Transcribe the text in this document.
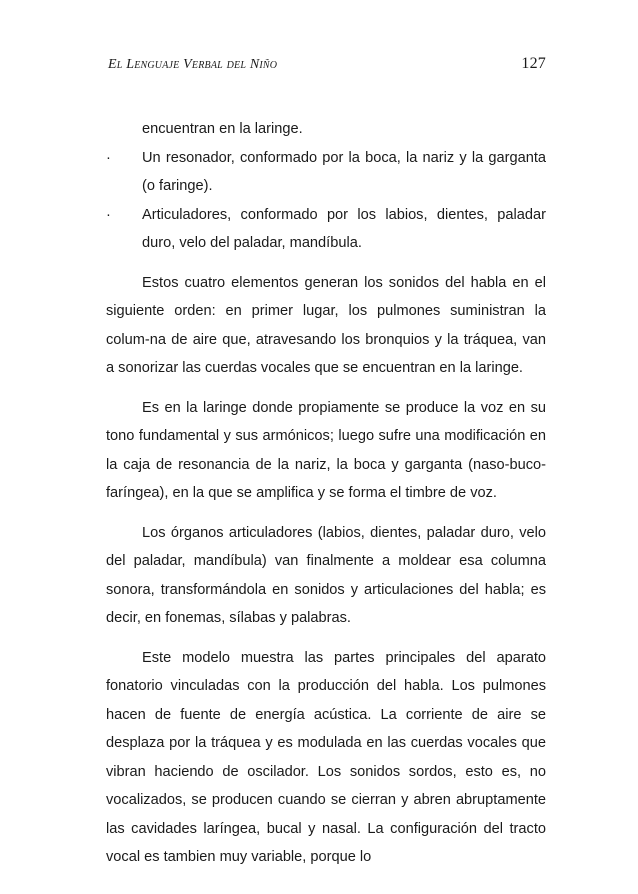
El Lenguaje Verbal del Niño	127

encuentran en la laringe.

·	Un resonador, conformado por la boca, la nariz y la garganta (o faringe).
·	Articuladores, conformado por los labios, dientes, paladar duro, velo del paladar, mandíbula.

Estos cuatro elementos generan los sonidos del habla en el siguiente orden: en primer lugar, los pulmones suministran la colum-na de aire que, atravesando los bronquios y la tráquea, van a sonorizar las cuerdas vocales que se encuentran en la laringe.

Es en la laringe donde propiamente se produce la voz en su tono fundamental y sus armónicos; luego sufre una modificación en la caja de resonancia de la nariz, la boca y garganta (naso-buco-faríngea), en la que se amplifica y se forma el timbre de voz.

Los órganos articuladores (labios, dientes, paladar duro, velo del paladar, mandíbula) van finalmente a moldear esa columna sonora, transformándola en sonidos y articulaciones del habla; es decir, en fonemas, sílabas y palabras.

Este modelo muestra las partes principales del aparato fonatorio vinculadas con la producción del habla. Los pulmones hacen de fuente de energía acústica. La corriente de aire se desplaza por la tráquea y es modulada en las cuerdas vocales que vibran haciendo de oscilador. Los sonidos sordos, esto es, no vocalizados, se producen cuando se cierran y abren abruptamente las cavidades laríngea, bucal y nasal. La configuración del tracto vocal es tambien muy variable, porque lo
